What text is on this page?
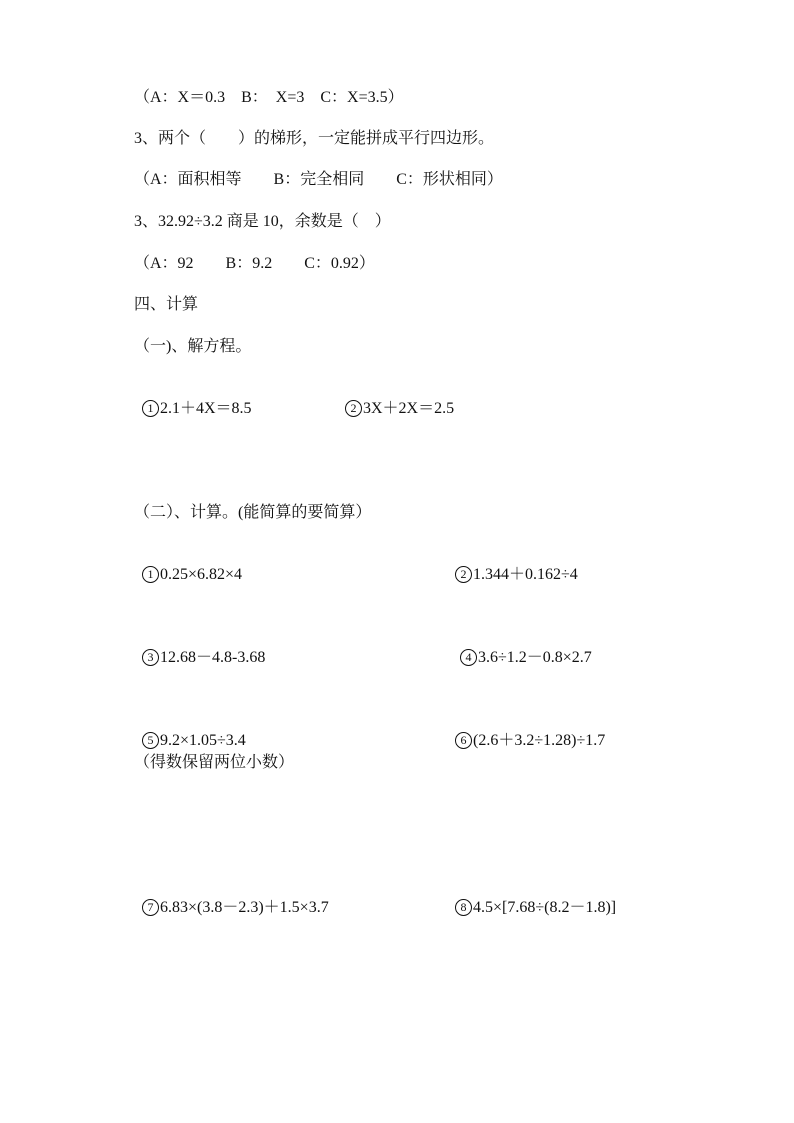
（A：X＝0.3　B：　X=3　C：X=3.5）
3、两个（　　）的梯形，一定能拼成平行四边形。
（A：面积相等　　B：完全相同　　C：形状相同）
3、32.92÷3.2 商是 10，余数是（　）
（A：92　　B：9.2　　C：0.92）
四、计算
（一)、解方程。

1 2.1＋4X＝8.5	2 3X＋2X＝2.5

（二）、计算。(能简算的要简算）

1 0.25×6.82×4	2 1.344＋0.162÷4

3 12.68－4.8-3.68	4 3.6÷1.2－0.8×2.7

5 9.2×1.05÷3.4	6 (2.6＋3.2÷1.28)÷1.7

（得数保留两位小数）

7 6.83×(3.8－2.3)＋1.5×3.7	8 4.5×[7.68÷(8.2－1.8)]
